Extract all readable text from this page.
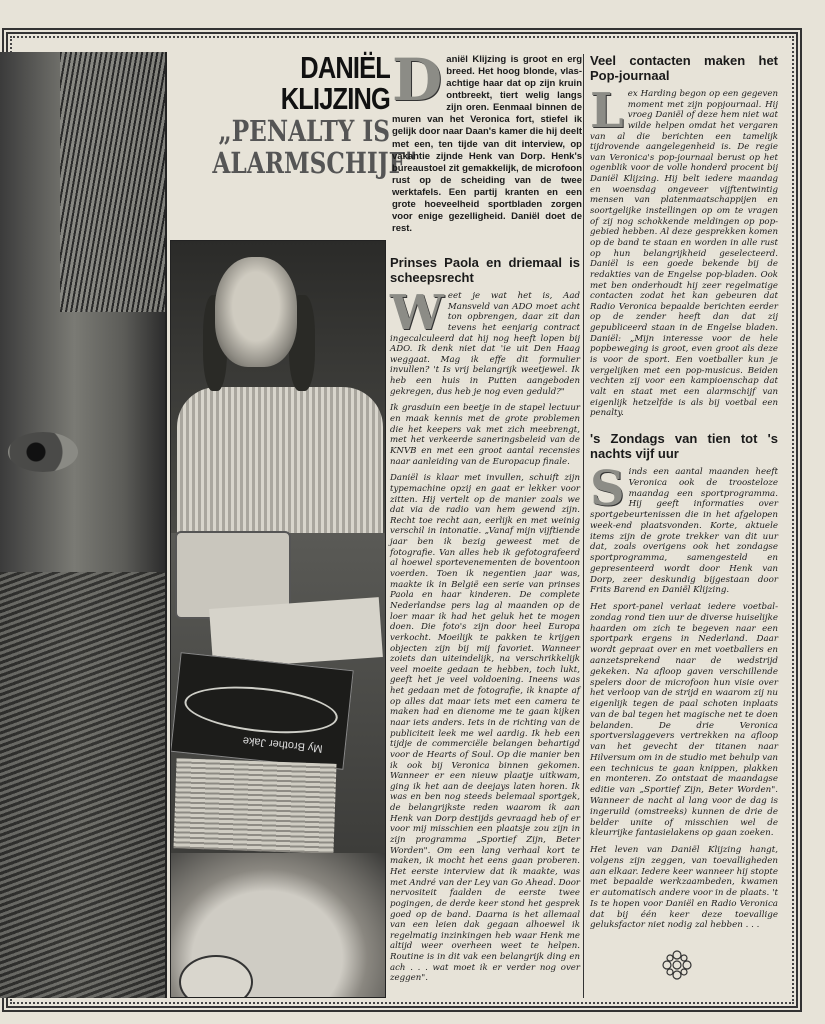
DANIËL
KLIJZING
„PENALTY IS
ALARMSCHIJF"
D aniël Klijzing is groot en erg breed. Het hoog blonde, vlas-achtige haar dat op zijn kruin ontbreekt, tiert welig langs zijn oren. Eenmaal binnen de muren van het Veronica fort, stiefel ik gelijk door naar Daan's kamer die hij deelt met een, ten tijde van dit interview, op vakantie zijnde Henk van Dorp. Henk's bureaustoel zit gemakkelijk, de microfoon rust op de scheiding van de twee werktafels. Een partij kranten en een grote hoeveelheid sportbladen zorgen voor enige gezelligheid. Daniël doet de rest.
My Brother Jake
Prinses Paola en driemaal is scheepsrecht

Weet je wat het is, Aad Mansveld van ADO moet acht ton opbrengen, daar zit dan tevens het eenjarig contract ingecalculeerd dat hij nog heeft lopen bij ADO. Ik denk niet dat 'ie uit Den Haag weggaat. Mag ik effe dit formulier invullen? 't Is vrij belangrijk weetjewel. Ik heb een huis in Putten aangeboden gekregen, dus heb je nog even geduld?"

Ik grasduin een beetje in de stapel lectuur en maak kennis met de grote problemen die het keepers vak met zich meebrengt, met het verkeerde saneringsbeleid van de KNVB en met een groot aantal recensies naar aanleiding van de Europacup finale.

Daniël is klaar met invullen, schuift zijn typemachine opzij en gaat er lekker voor zitten. Hij vertelt op de manier zoals we dat via de radio van hem gewend zijn. Recht toe recht aan, eerlijk en met weinig verschil in intonatie. „Vanaf mijn vijftiende jaar ben ik bezig geweest met de fotografie. Van alles heb ik gefotografeerd al hoewel sportevenementen de boventoon voerden. Toen ik negentien jaar was, maakte ik in België een serie van prinses Paola en haar kinderen. De complete Nederlandse pers lag al maanden op de loer maar ik had het geluk het te mogen doen. Die foto's zijn door heel Europa verkocht. Moeilijk te pakken te krijgen objecten zijn bij mij favoriet. Wanneer zoiets dan uiteindelijk, na verschrikkelijk veel moeite gedaan te hebben, toch lukt, geeft het je veel voldoening. Ineens was het gedaan met de fotografie, ik knapte af op alles dat maar iets met een camera te maken had en dienome me te gaan kijken naar iets anders. Iets in de richting van de publiciteit leek me wel aardig. Ik heb een tijdje de commerciële belangen behartigd voor de Hearts of Soul. Op die manier ben ik ook bij Veronica binnen gekomen. Wanneer er een nieuw plaatje uitkwam, ging ik het aan de deejays laten horen. Ik was en ben nog steeds belemaal sportgek, de belangrijkste reden waarom ik aan Henk van Dorp destijds gevraagd heb of er voor mij misschien een plaatsje zou zijn in zijn programma „Sportief Zijn, Beter Worden". Om een lang verhaal kort te maken, ik mocht het eens gaan proberen. Het eerste interview dat ik maakte, was met André van der Ley van Go Ahead. Door nervositeit faalden de eerste twee pogingen, de derde keer stond het gesprek goed op de band. Daarna is het allemaal van een leien dak gegaan alhoewel ik regelmatig inzinkingen heb waar Henk me altijd weer overheen weet te helpen. Routine is in dit vak een belangrijk ding en ach . . . wat moet ik er verder nog over zeggen".

Veel contacten maken het Pop-journaal

Lex Harding begon op een gegeven moment met zijn popjournaal. Hij vroeg Daniël of deze hem niet wat wilde helpen omdat het vergaren van al die berichten een tamelijk tijdrovende aangelegenheid is. De regie van Veronica's pop-journaal berust op het ogenblik voor de volle honderd procent bij Daniël Klijzing. Hij belt iedere maandag en woensdag ongeveer vijftentwintig mensen van platenmaatschappijen en soortgelijke instellingen op om te vragen of zij nog schokkende meldingen op pop-gebied hebben. Al deze gesprekken komen op de band te staan en worden in alle rust op hun belangrijkheid geselecteerd. Daniël is een goede bekende bij de redakties van de Engelse pop-bladen. Ook met ben onderhoudt hij zeer regelmatige contacten zodat het kan gebeuren dat Radio Veronica bepaalde berichten eerder op de zender heeft dan dat zij gepubliceerd staan in de Engelse bladen. Daniël: „Mijn interesse voor de hele popbeweging is groot, even groot als deze is voor de sport. Een voetballer kun je vergelijken met een pop-musicus. Beiden vechten zij voor een kampioenschap dat valt en staat met een alarmschijf van eigenlijk hetzelfde is als bij voetbal een penalty.

's Zondags van tien tot 's nachts vijf uur

Sinds een aantal maanden heeft Veronica ook de troosteloze maandag een sportprogramma. Hij geeft informaties over sportgebeurtenissen die in het afgelopen week-end plaatsvonden. Korte, aktuele items zijn de grote trekker van dit uur dat, zoals overigens ook het zondagse sportprogramma, samengesteld en gepresenteerd wordt door Henk van Dorp, zeer deskundig bijgestaan door Frits Barend en Daniël Klijzing.

Het sport-panel verlaat iedere voetbal-zondag rond tien uur de diverse huiselijke haarden om zich te begeven naar een sportpark ergens in Nederland. Daar wordt gepraat over en met voetballers en aanzetsprekend naar de wedstrijd gekeken. Na afloop gaven verschillende spelers door de microfoon hun visie over het verloop van de strijd en waarom zij nu eigenlijk tegen de paal schoten inplaats van de bal tegen het magische net te doen belanden. De drie Veronica sportverslaggevers vertrekken na afloop van het gevecht der titanen naar Hilversum om in de studio met behulp van een technicus te gaan knippen, plakken en monteren. Zo ontstaat de maandagse editie van „Sportief Zijn, Beter Worden". Wanneer de nacht al lang voor de dag is ingeruild (omstreeks) kunnen de drie de belder unite of misschien wel de kleurrijke fantasielakens op gaan zoeken.

Het leven van Daniël Klijzing hangt, volgens zijn zeggen, van toevalligheden aan elkaar. Iedere keer wanneer hij stopte met bepaalde werkzaambeden, kwamen er automatisch andere voor in de plaats. 't Is te hopen voor Daniël en Radio Veronica dat bij één keer deze toevallige geluksfactor niet nodig zal hebben . . .
